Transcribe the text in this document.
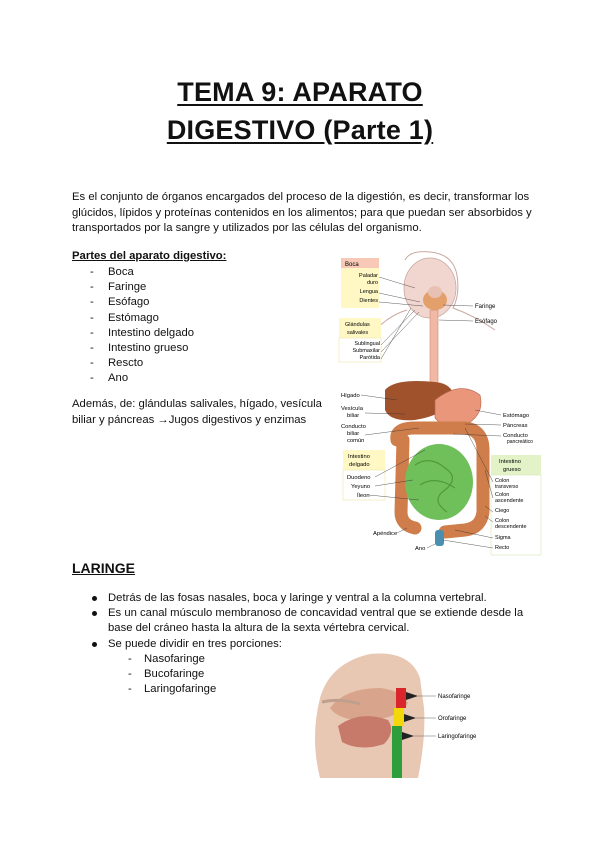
TEMA 9: APARATO
DIGESTIVO (Parte 1)

Es el conjunto de órganos encargados del proceso de la digestión, es decir, transformar los glúcidos, lípidos y proteínas contenidos en los alimentos; para que puedan ser absorbidos y transportados por la sangre y utilizados por las células del organismo.

Partes del aparato digestivo:
- Boca
- Faringe
- Esófago
- Estómago
- Intestino delgado
- Intestino grueso
- Rescto
- Ano

Además, de: glándulas salivales, hígado, vesícula biliar y páncreas →Jugos digestivos y enzimas

Boca
Paladar
duro
Lengua
Dientes
Glándulas
salivales
Sublingual
Submaxilar
Parótida
Faringe
Esófago
Hígado
Vesícula
biliar
Conducto
biliar
común
Estómago
Páncreas
Conducto
pancreático
Intestino
delgado
Duodeno
Yeyuno
Íleon
Intestino
grueso
Colon
transverso
Colon
ascendente
Ciego
Colon
descendente
Sigma
Recto
Apéndice
Ano
LARINGE
Detrás de las fosas nasales, boca y laringe y ventral a la columna vertebral.
Es un canal músculo membranoso de concavidad ventral que se extiende desde la base del cráneo hasta la altura de la sexta vértebra cervical.
Se puede dividir en tres porciones:
- Nasofaringe
- Bucofaringe
- Laringofaringe
Nasofaringe
Orofaringe
Laringofaringe
